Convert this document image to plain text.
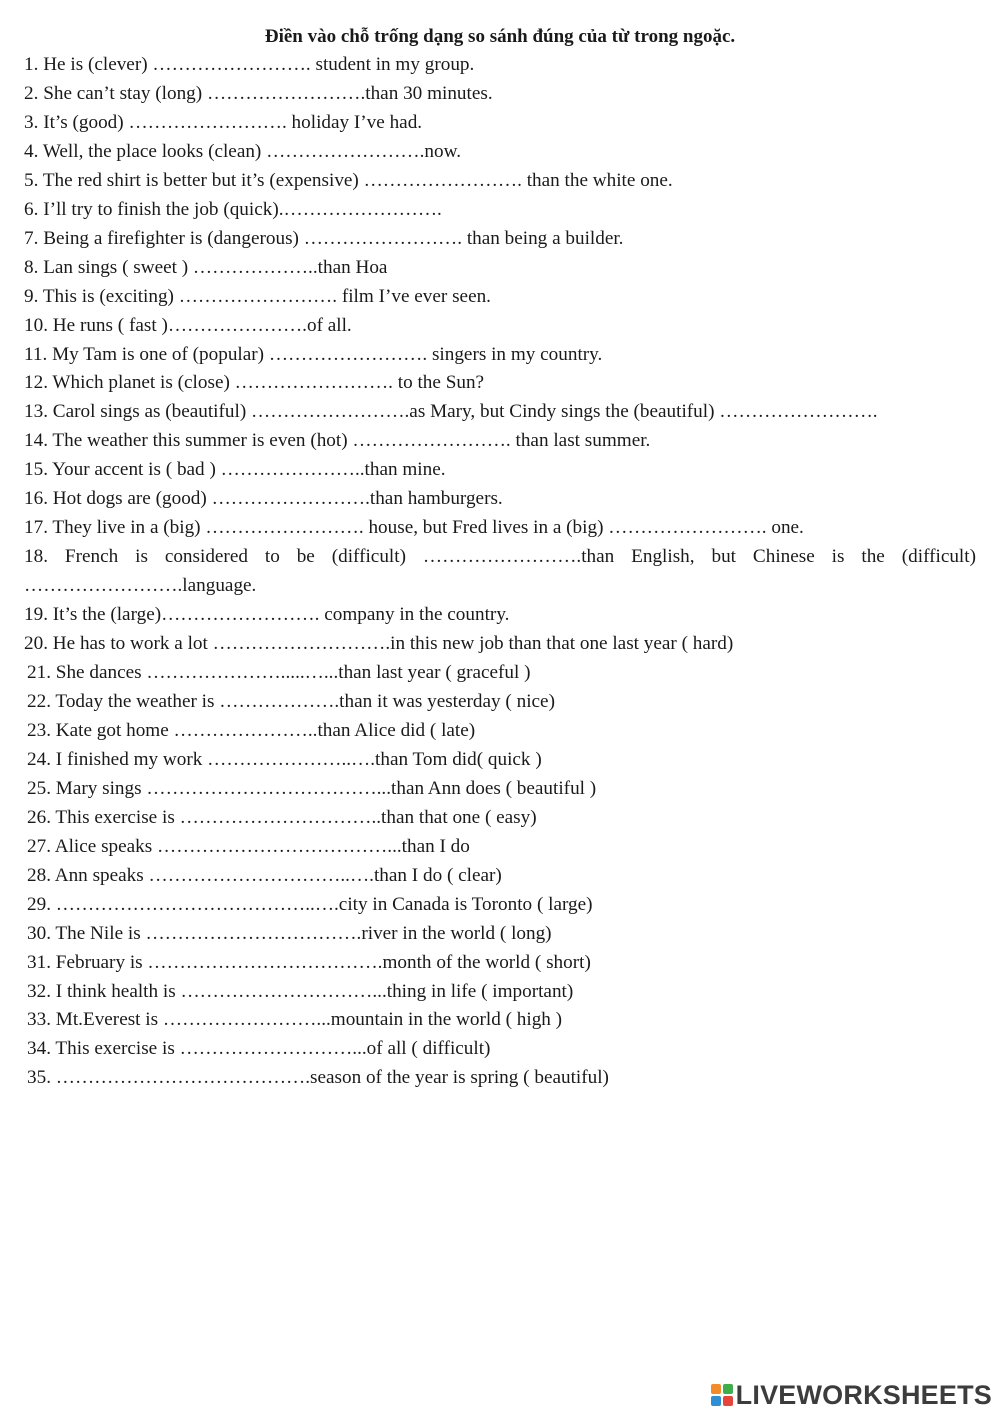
Điền vào chỗ trống dạng so sánh đúng của từ trong ngoặc.
1. He is (clever) ……………………. student in my group.
2. She can’t stay (long) …………………….than 30 minutes.
3. It’s (good) ……………………. holiday I’ve had.
4. Well, the place looks (clean) …………………….now.
5. The red shirt is better but it’s (expensive) ……………………. than the white one.
6. I’ll try to finish the job (quick).…………………….
7. Being a firefighter is (dangerous) ……………………. than being a builder.
8. Lan sings ( sweet ) ………………..than Hoa
9. This is (exciting) ……………………. film I’ve ever seen.
10. He runs ( fast )………………….of all.
11. My Tam is one of (popular) ……………………. singers in my country.
12. Which planet is (close) ……………………. to the Sun?
13. Carol sings as (beautiful) …………………….as Mary, but Cindy sings the (beautiful) …………………….
14. The weather this summer is even (hot) ……………………. than last summer.
15. Your accent is ( bad ) …………………..than mine.
16. Hot dogs are (good) …………………….than hamburgers.
17. They live in a (big) ……………………. house, but Fred lives in a (big) ……………………. one.
18. French is considered to be (difficult) …………………….than English, but Chinese is the (difficult) …………………….language.
19. It’s the (large)……………………. company in the country.
20. He has to work a lot ……………………….in this new job than that one last year ( hard)
21. She dances ………………….....…...than last year ( graceful )
22. Today the weather is ……………….than it was yesterday ( nice)
23. Kate got home …………………..than Alice did ( late)
24. I finished my work …………………..….than Tom did( quick )
25. Mary sings ………………………………...than Ann does ( beautiful )
26. This exercise is …………………………..than that one ( easy)
27. Alice speaks ………………………………...than I do
28. Ann speaks …………………………..….than I do ( clear)
29. …………………………………..….city in Canada is Toronto ( large)
30. The Nile is …………………………….river in the world ( long)
31. February is ……………………………….month of the world ( short)
32. I think health is …………………………...thing in life ( important)
33. Mt.Everest is ……………………...mountain in the world ( high )
34. This exercise is ………………………...of all ( difficult)
35. ………………………………….season of the year is spring ( beautiful)
LIVEWORKSHEETS
